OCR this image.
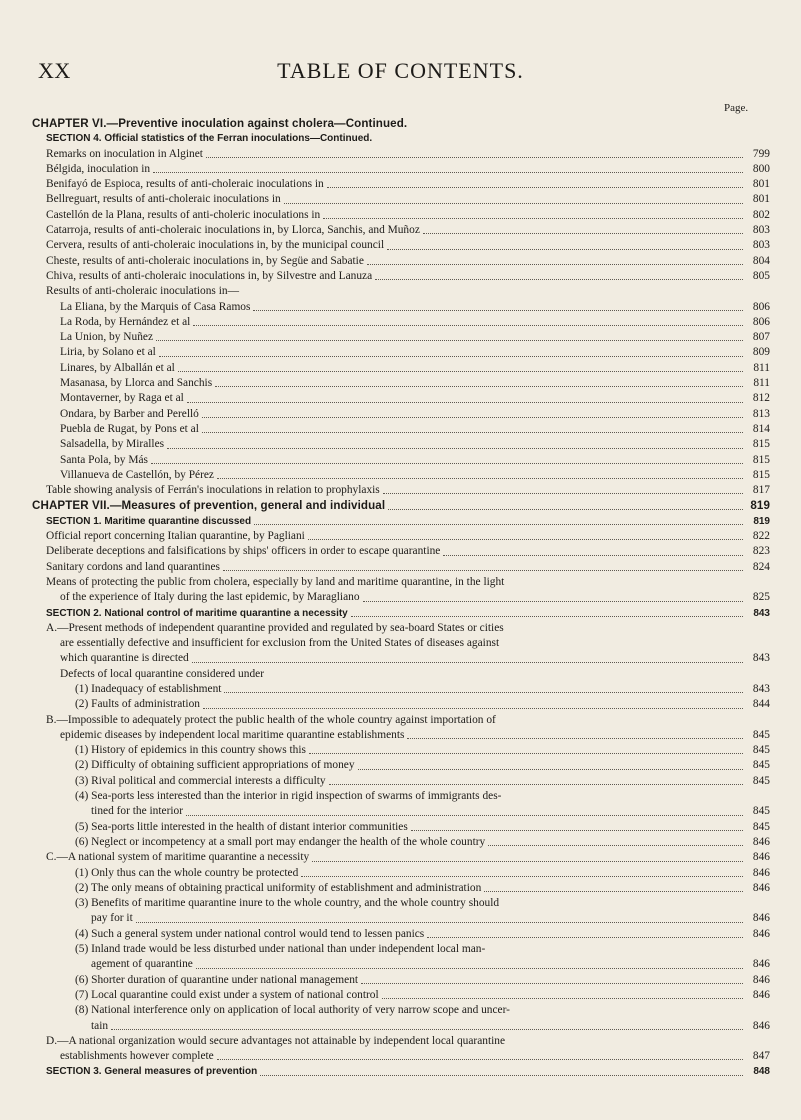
XX	TABLE OF CONTENTS.
Page.
CHAPTER VI.—Preventive inoculation against cholera—Continued.
SECTION 4. Official statistics of the Ferran inoculations—Continued.
Remarks on inoculation in Alginet	799
Bélgida, inoculation in	800
Benifayó de Espioca, results of anti-choleraic inoculations in	801
Bellreguart, results of anti-choleraic inoculations in	801
Castellón de la Plana, results of anti-choleric inoculations in	802
Catarroja, results of anti-choleraic inoculations in, by Llorca, Sanchis, and Muñoz	803
Cervera, results of anti-choleraic inoculations in, by the municipal council	803
Cheste, results of anti-choleraic inoculations in, by Següe and Sabatie	804
Chiva, results of anti-choleraic inoculations in, by Silvestre and Lanuza	805
Results of anti-choleraic inoculations in—
La Eliana, by the Marquis of Casa Ramos	806
La Roda, by Hernández et al	806
La Union, by Nuñez	807
Liria, by Solano et al	809
Linares, by Alballán et al	811
Masanasa, by Llorca and Sanchis	811
Montaverner, by Raga et al	812
Ondara, by Barber and Perelló	813
Puebla de Rugat, by Pons et al	814
Salsadella, by Miralles	815
Santa Pola, by Más	815
Villanueva de Castellón, by Pérez	815
Table showing analysis of Ferrán's inoculations in relation to prophylaxis	817
CHAPTER VII.—Measures of prevention, general and individual	819
SECTION 1. Maritime quarantine discussed	819
Official report concerning Italian quarantine, by Pagliani	822
Deliberate deceptions and falsifications by ships' officers in order to escape quarantine	823
Sanitary cordons and land quarantines	824
Means of protecting the public from cholera, especially by land and maritime quarantine, in the light
of the experience of Italy during the last epidemic, by Maragliano	825
SECTION 2. National control of maritime quarantine a necessity	843
A.—Present methods of independent quarantine provided and regulated by sea-board States or cities
are essentially defective and insufficient for exclusion from the United States of diseases against
which quarantine is directed	843
Defects of local quarantine considered under
(1) Inadequacy of establishment	843
(2) Faults of administration	844
B.—Impossible to adequately protect the public health of the whole country against importation of
epidemic diseases by independent local maritime quarantine establishments	845
(1) History of epidemics in this country shows this	845
(2) Difficulty of obtaining sufficient appropriations of money	845
(3) Rival political and commercial interests a difficulty	845
(4) Sea-ports less interested than the interior in rigid inspection of swarms of immigrants des-
tined for the interior	845
(5) Sea-ports little interested in the health of distant interior communities	845
(6) Neglect or incompetency at a small port may endanger the health of the whole country	846
C.—A national system of maritime quarantine a necessity	846
(1) Only thus can the whole country be protected	846
(2) The only means of obtaining practical uniformity of establishment and administration	846
(3) Benefits of maritime quarantine inure to the whole country, and the whole country should
pay for it	846
(4) Such a general system under national control would tend to lessen panics	846
(5) Inland trade would be less disturbed under national than under independent local man-
agement of quarantine	846
(6) Shorter duration of quarantine under national management	846
(7) Local quarantine could exist under a system of national control	846
(8) National interference only on application of local authority of very narrow scope and uncer-
tain	846
D.—A national organization would secure advantages not attainable by independent local quarantine
establishments however complete	847
SECTION 3. General measures of prevention	848
